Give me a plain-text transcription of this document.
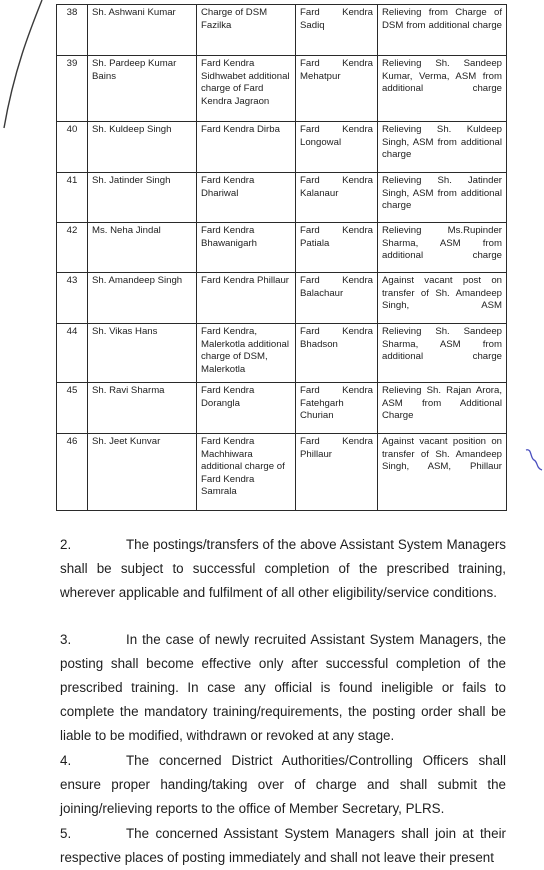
38	Sh. Ashwani Kumar	Charge of DSM Fazilka	Fard Kendra Sadiq	Relieving from Charge of DSM from additional charge
39	Sh. Pardeep Kumar Bains	Fard Kendra Sidhwabet additional charge of Fard Kendra Jagraon	Fard Kendra Mehatpur	Relieving Sh. Sandeep Kumar, Verma, ASM from additional charge
40	Sh. Kuldeep Singh	Fard Kendra Dirba	Fard Kendra Longowal	Relieving Sh. Kuldeep Singh, ASM from additional charge
41	Sh. Jatinder Singh	Fard Kendra Dhariwal	Fard Kendra Kalanaur	Relieving Sh. Jatinder Singh, ASM from additional charge
42	Ms. Neha Jindal	Fard Kendra Bhawanigarh	Fard Kendra Patiala	Relieving Ms.Rupinder Sharma, ASM from additional charge
43	Sh. Amandeep Singh	Fard Kendra Phillaur	Fard Kendra Balachaur	Against vacant post on transfer of Sh. Amandeep Singh, ASM
44	Sh. Vikas Hans	Fard Kendra, Malerkotla additional charge of DSM, Malerkotla	Fard Kendra Bhadson	Relieving Sh. Sandeep Sharma, ASM from additional charge
45	Sh. Ravi Sharma	Fard Kendra Dorangla	Fard Kendra Fatehgarh Churian	Relieving Sh. Rajan Arora, ASM from Additional Charge
46	Sh. Jeet Kunvar	Fard Kendra Machhiwara additional charge of Fard Kendra Samrala	Fard Kendra Phillaur	Against vacant position on transfer of Sh. Amandeep Singh, ASM, Phillaur

2.	The postings/transfers of the above Assistant System Managers shall be subject to successful completion of the prescribed training, wherever applicable and fulfilment of all other eligibility/service conditions.

3.	In the case of newly recruited Assistant System Managers, the posting shall become effective only after successful completion of the prescribed training. In case any official is found ineligible or fails to complete the mandatory training/requirements, the posting order shall be liable to be modified, withdrawn or revoked at any stage.

4.	The concerned District Authorities/Controlling Officers shall ensure proper handing/taking over of charge and shall submit the joining/relieving reports to the office of Member Secretary, PLRS.

5.	The concerned Assistant System Managers shall join at their respective places of posting immediately and shall not leave their present
